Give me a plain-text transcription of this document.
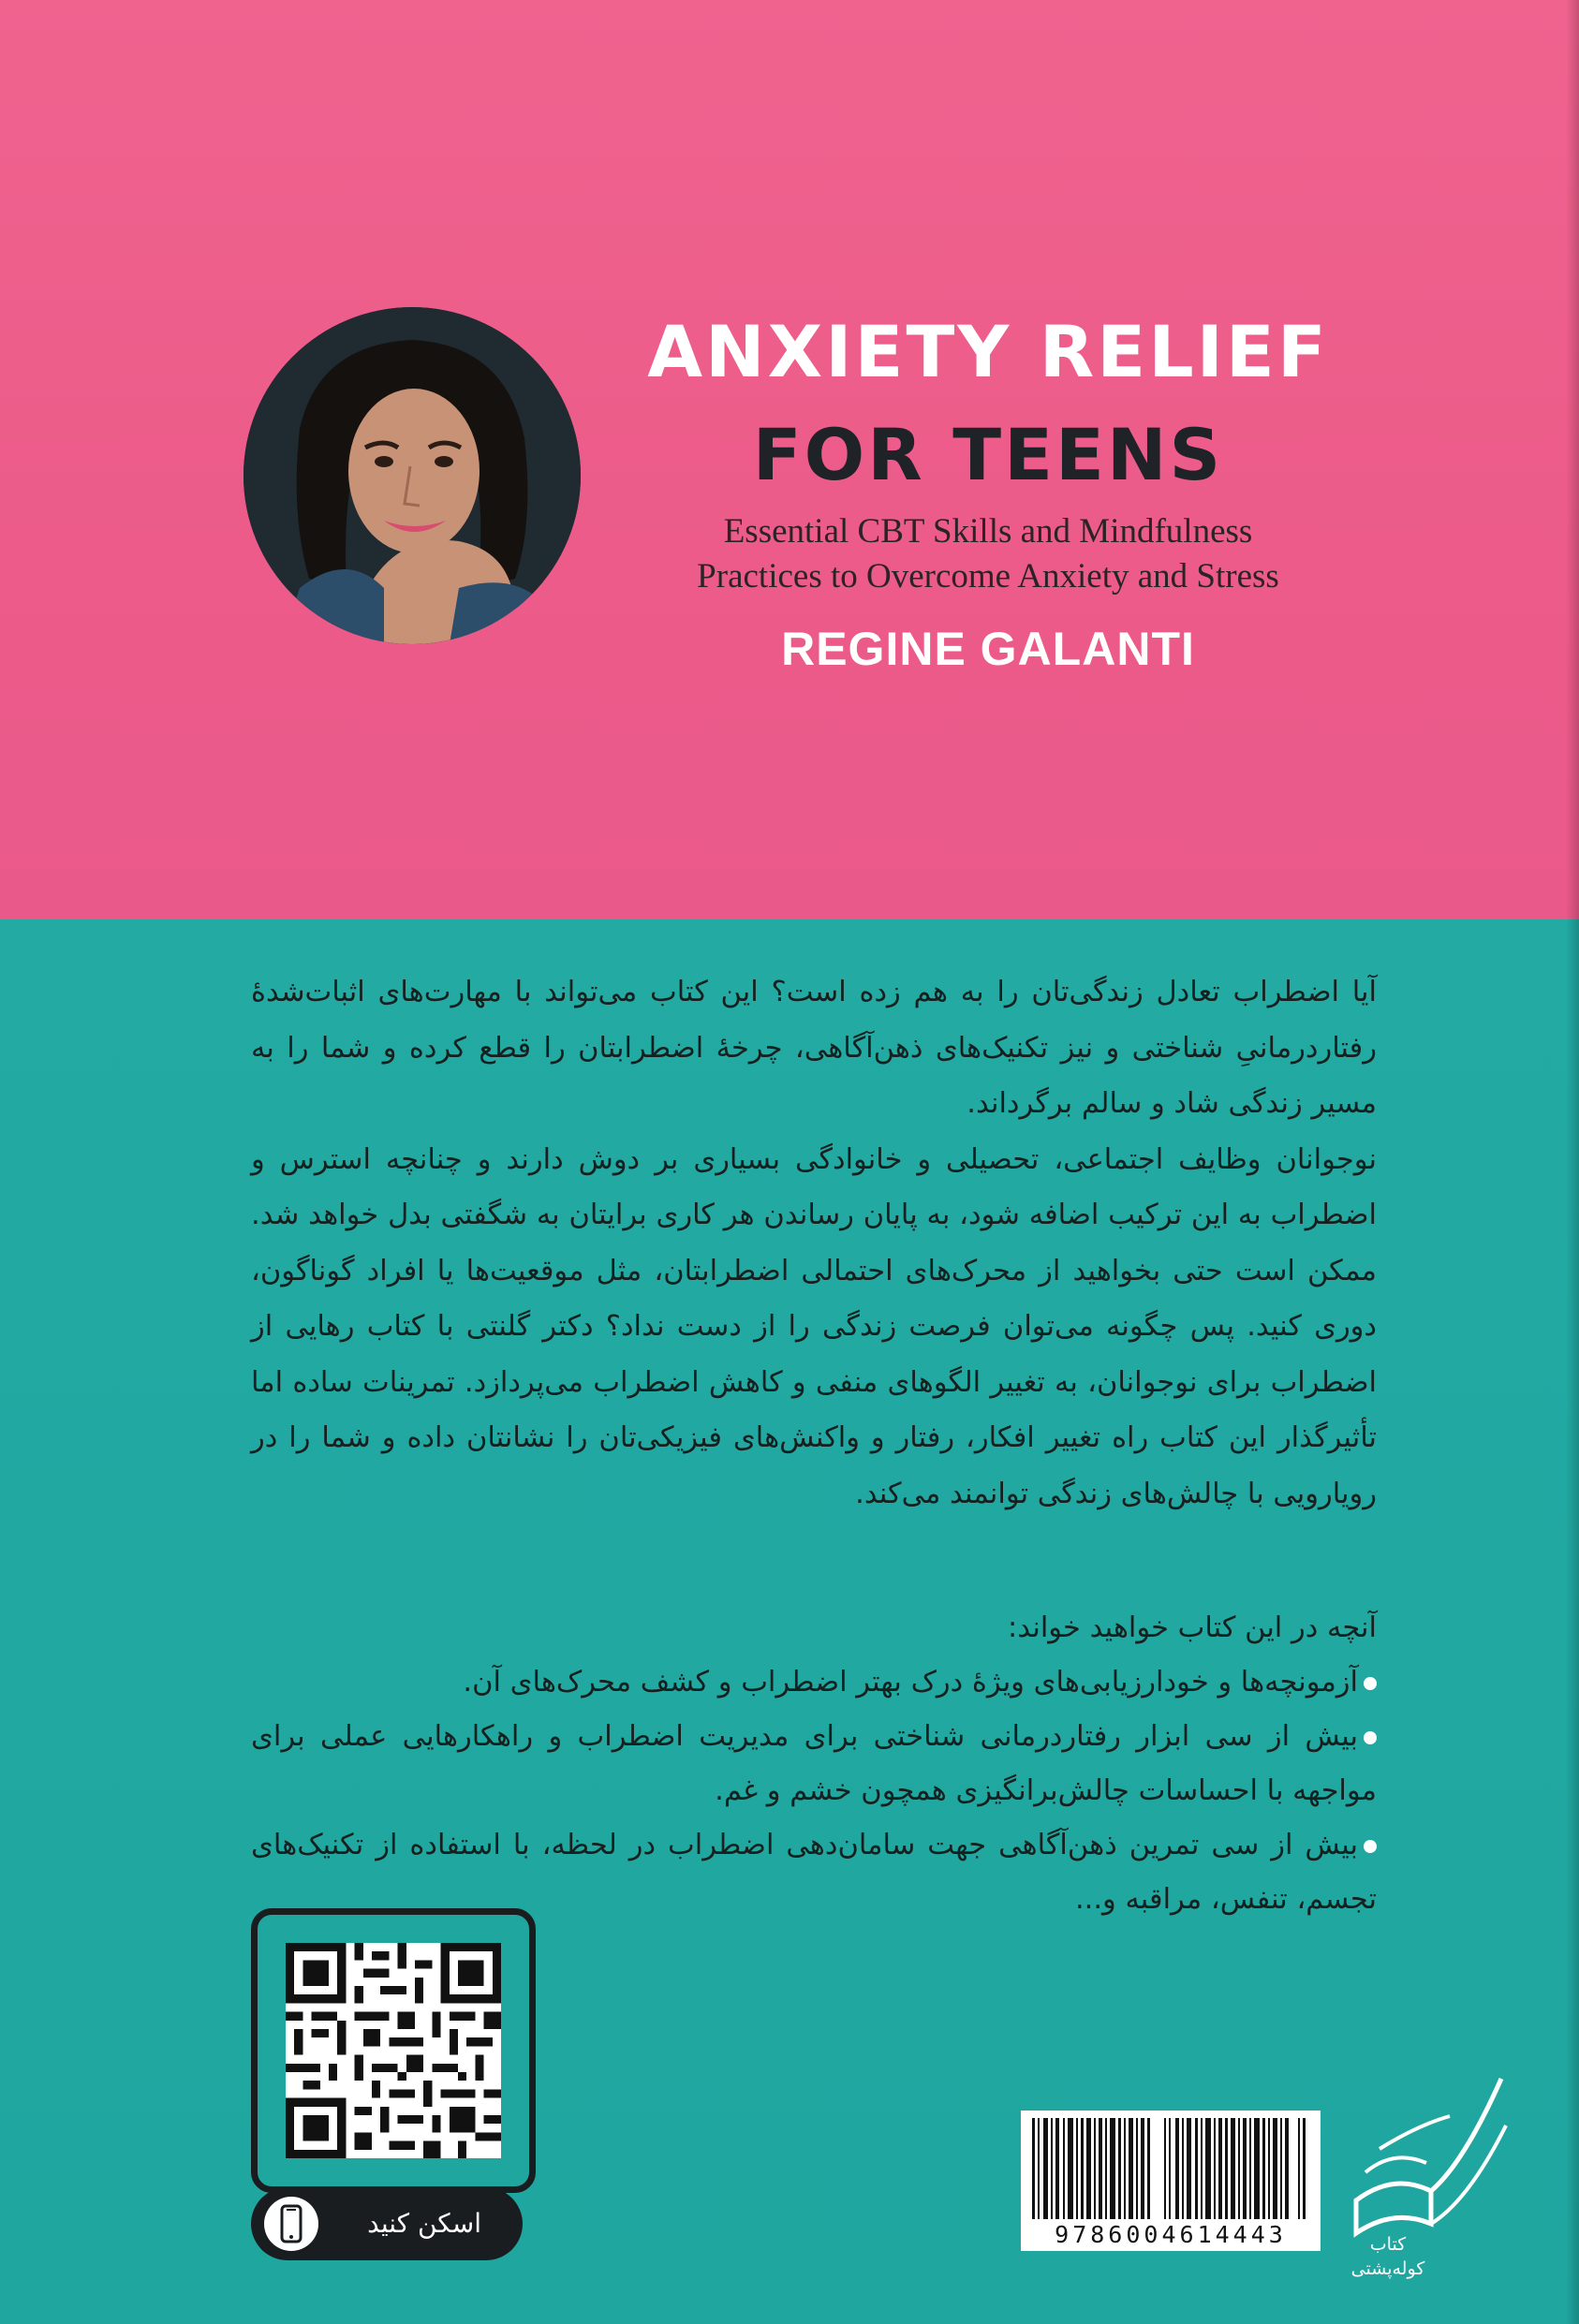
ANXIETY RELIEF
FOR TEENS
Essential CBT Skills and Mindfulness
Practices to Overcome Anxiety and Stress
REGINE GALANTI

آیا اضطراب تعادل زندگی‌تان را به هم زده است؟ این کتاب می‌تواند با مهارت‌های اثبات‌شدهٔ رفتاردرمانیِ شناختی و نیز تکنیک‌های ذهن‌آگاهی، چرخهٔ اضطرابتان را قطع کرده و شما را به مسیر زندگی شاد و سالم برگرداند.

نوجوانان وظایف اجتماعی، تحصیلی و خانوادگی بسیاری بر دوش دارند و چنانچه استرس و اضطراب به این ترکیب اضافه شود، به پایان رساندن هر کاری برایتان به شگفتی بدل خواهد شد. ممکن است حتی بخواهید از محرک‌های احتمالی اضطرابتان، مثل موقعیت‌ها یا افراد گوناگون، دوری کنید. پس چگونه می‌توان فرصت زندگی را از دست نداد؟ دکتر گلنتی با کتاب رهایی از اضطراب برای نوجوانان، به تغییر الگوهای منفی و کاهش اضطراب می‌پردازد. تمرینات ساده اما تأثیرگذار این کتاب راه تغییر افکار، رفتار و واکنش‌های فیزیکی‌تان را نشانتان داده و شما را در رویارویی با چالش‌های زندگی توانمند می‌کند.

آنچه در این کتاب خواهید خواند:

آزمونچه‌ها و خودارزیابی‌های ویژهٔ درک بهتر اضطراب و کشف محرک‌های آن.
بیش از سی ابزار رفتاردرمانی شناختی برای مدیریت اضطراب و راهکارهایی عملی برای مواجهه با احساسات چالش‌برانگیزی همچون خشم و غم.
بیش از سی تمرین ذهن‌آگاهی جهت سامان‌دهی اضطراب در لحظه، با استفاده از تکنیک‌های تجسم، تنفس، مراقبه و...
اسکن کنید	9786004614443	کتاب کوله‌پشتی
